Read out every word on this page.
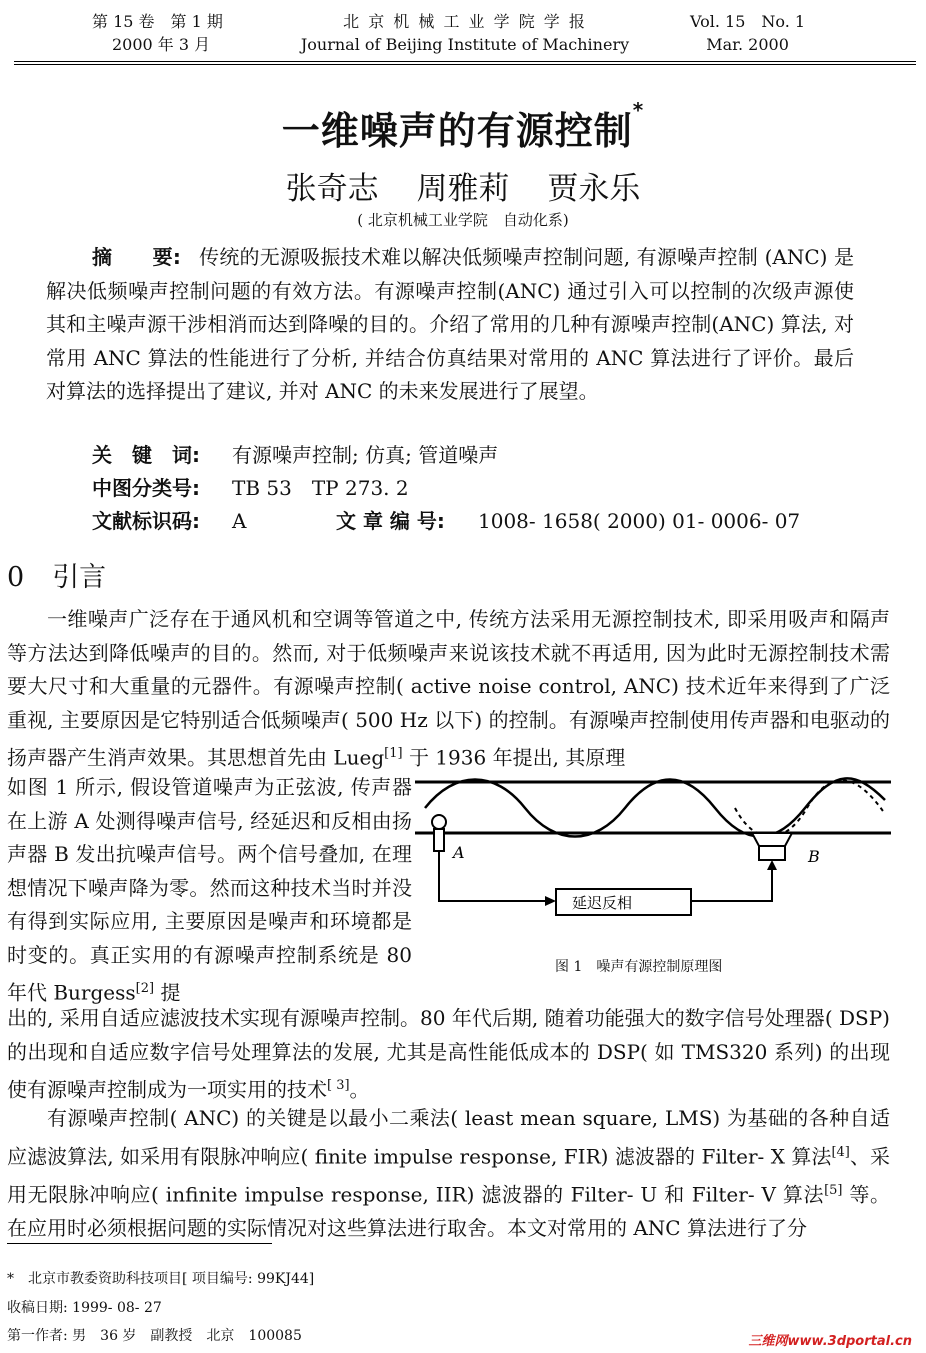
第 15 卷　第 1 期
2000 年 3 月
北 京 机 械 工 业 学 院 学 报
Journal of Beijing Institute of Machinery
Vol. 15　No. 1
Mar. 2000
一维噪声的有源控制*
张奇志 周雅莉 贾永乐
( 北京机械工业学院　自动化系)
摘　　要: 传统的无源吸振技术难以解决低频噪声控制问题, 有源噪声控制 (ANC) 是解决低频噪声控制问题的有效方法。有源噪声控制(ANC) 通过引入可以控制的次级声源使其和主噪声源干涉相消而达到降噪的目的。介绍了常用的几种有源噪声控制(ANC) 算法, 对常用 ANC 算法的性能进行了分析, 并结合仿真结果对常用的 ANC 算法进行了评价。最后对算法的选择提出了建议, 并对 ANC 的未来发展进行了展望。
关　键　词: 有源噪声控制; 仿真; 管道噪声
中图分类号: TB 53　TP 273. 2
文献标识码: A	文 章 编 号: 1008- 1658( 2000) 01- 0006- 07
0 引言
一维噪声广泛存在于通风机和空调等管道之中, 传统方法采用无源控制技术, 即采用吸声和隔声等方法达到降低噪声的目的。然而, 对于低频噪声来说该技术就不再适用, 因为此时无源控制技术需要大尺寸和大重量的元器件。有源噪声控制( active noise control, ANC) 技术近年来得到了广泛重视, 主要原因是它特别适合低频噪声( 500 Hz 以下) 的控制。有源噪声控制使用传声器和电驱动的扬声器产生消声效果。其思想首先由 Lueg[1] 于 1936 年提出, 其原理
如图 1 所示, 假设管道噪声为正弦波, 传声器在上游 A 处测得噪声信号, 经延迟和反相由扬声器 B 发出抗噪声信号。两个信号叠加, 在理想情况下噪声降为零。然而这种技术当时并没有得到实际应用, 主要原因是噪声和环境都是时变的。真正实用的有源噪声控制系统是 80 年代 Burgess[2] 提
A	B
延迟反相
图 1　噪声有源控制原理图
出的, 采用自适应滤波技术实现有源噪声控制。80 年代后期, 随着功能强大的数字信号处理器( DSP) 的出现和自适应数字信号处理算法的发展, 尤其是高性能低成本的 DSP( 如 TMS320 系列) 的出现使有源噪声控制成为一项实用的技术[ 3]。
有源噪声控制( ANC) 的关键是以最小二乘法( least mean square, LMS) 为基础的各种自适应滤波算法, 如采用有限脉冲响应( finite impulse response, FIR) 滤波器的 Filter- X 算法[4]、采用无限脉冲响应( infinite impulse response, IIR) 滤波器的 Filter- U 和 Filter- V 算法[5] 等。在应用时必须根据问题的实际情况对这些算法进行取舍。本文对常用的 ANC 算法进行了分
*　北京市教委资助科技项目[ 项目编号: 99KJ44]
收稿日期: 1999- 08- 27
第一作者: 男　36 岁　副教授　北京　100085	三维网www.3dportal.cn
